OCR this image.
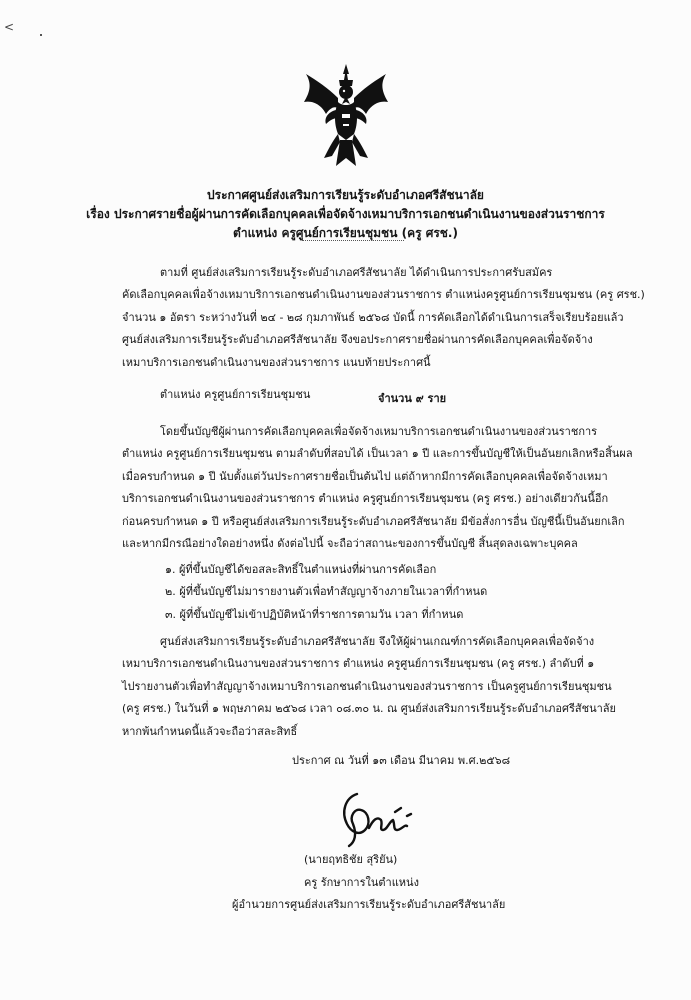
<
ประกาศศูนย์ส่งเสริมการเรียนรู้ระดับอำเภอศรีสัชนาลัย
เรื่อง ประกาศรายชื่อผู้ผ่านการคัดเลือกบุคคลเพื่อจัดจ้างเหมาบริการเอกชนดำเนินงานของส่วนราชการ
ตำแหน่ง ครูศูนย์การเรียนชุมชน (ครู ศรช.)
ตามที่ ศูนย์ส่งเสริมการเรียนรู้ระดับอำเภอศรีสัชนาลัย ได้ดำเนินการประกาศรับสมัคร
คัดเลือกบุคคลเพื่อจ้างเหมาบริการเอกชนดำเนินงานของส่วนราชการ ตำแหน่งครูศูนย์การเรียนชุมชน (ครู ศรช.)
จำนวน ๑ อัตรา ระหว่างวันที่ ๒๔ - ๒๘ กุมภาพันธ์ ๒๕๖๘ บัดนี้ การคัดเลือกได้ดำเนินการเสร็จเรียบร้อยแล้ว
ศูนย์ส่งเสริมการเรียนรู้ระดับอำเภอศรีสัชนาลัย จึงขอประกาศรายชื่อผ่านการคัดเลือกบุคคลเพื่อจัดจ้าง
เหมาบริการเอกชนดำเนินงานของส่วนราชการ แนบท้ายประกาศนี้
ตำแหน่ง ครูศูนย์การเรียนชุมชน	จำนวน ๙ ราย
โดยขึ้นบัญชีผู้ผ่านการคัดเลือกบุคคลเพื่อจัดจ้างเหมาบริการเอกชนดำเนินงานของส่วนราชการ
ตำแหน่ง ครูศูนย์การเรียนชุมชน ตามลำดับที่สอบได้ เป็นเวลา ๑ ปี และการขึ้นบัญชีให้เป็นอันยกเลิกหรือสิ้นผล
เมื่อครบกำหนด ๑ ปี นับตั้งแต่วันประกาศรายชื่อเป็นต้นไป แต่ถ้าหากมีการคัดเลือกบุคคลเพื่อจัดจ้างเหมา
บริการเอกชนดำเนินงานของส่วนราชการ ตำแหน่ง ครูศูนย์การเรียนชุมชน (ครู ศรช.) อย่างเดียวกันนี้อีก
ก่อนครบกำหนด ๑ ปี หรือศูนย์ส่งเสริมการเรียนรู้ระดับอำเภอศรีสัชนาลัย มีข้อสั่งการอื่น บัญชีนี้เป็นอันยกเลิก
และหากมีกรณีอย่างใดอย่างหนึ่ง ดังต่อไปนี้ จะถือว่าสถานะของการขึ้นบัญชี สิ้นสุดลงเฉพาะบุคคล
๑. ผู้ที่ขึ้นบัญชีได้ขอสละสิทธิ์ในตำแหน่งที่ผ่านการคัดเลือก
๒. ผู้ที่ขึ้นบัญชีไม่มารายงานตัวเพื่อทำสัญญาจ้างภายในเวลาที่กำหนด
๓. ผู้ที่ขึ้นบัญชีไม่เข้าปฏิบัติหน้าที่ราชการตามวัน เวลา ที่กำหนด
ศูนย์ส่งเสริมการเรียนรู้ระดับอำเภอศรีสัชนาลัย จึงให้ผู้ผ่านเกณฑ์การคัดเลือกบุคคลเพื่อจัดจ้าง
เหมาบริการเอกชนดำเนินงานของส่วนราชการ ตำแหน่ง ครูศูนย์การเรียนชุมชน (ครู ศรช.) ลำดับที่ ๑
ไปรายงานตัวเพื่อทำสัญญาจ้างเหมาบริการเอกชนดำเนินงานของส่วนราชการ เป็นครูศูนย์การเรียนชุมชน
(ครู ศรช.) ในวันที่ ๑ พฤษภาคม ๒๕๖๘ เวลา ๐๘.๓๐ น. ณ ศูนย์ส่งเสริมการเรียนรู้ระดับอำเภอศรีสัชนาลัย
หากพ้นกำหนดนี้แล้วจะถือว่าสละสิทธิ์
ประกาศ ณ วันที่ ๑๓ เดือน มีนาคม พ.ศ.๒๕๖๘
(นายฤทธิชัย สุริยัน)
ครู รักษาการในตำแหน่ง
ผู้อำนวยการศูนย์ส่งเสริมการเรียนรู้ระดับอำเภอศรีสัชนาลัย
